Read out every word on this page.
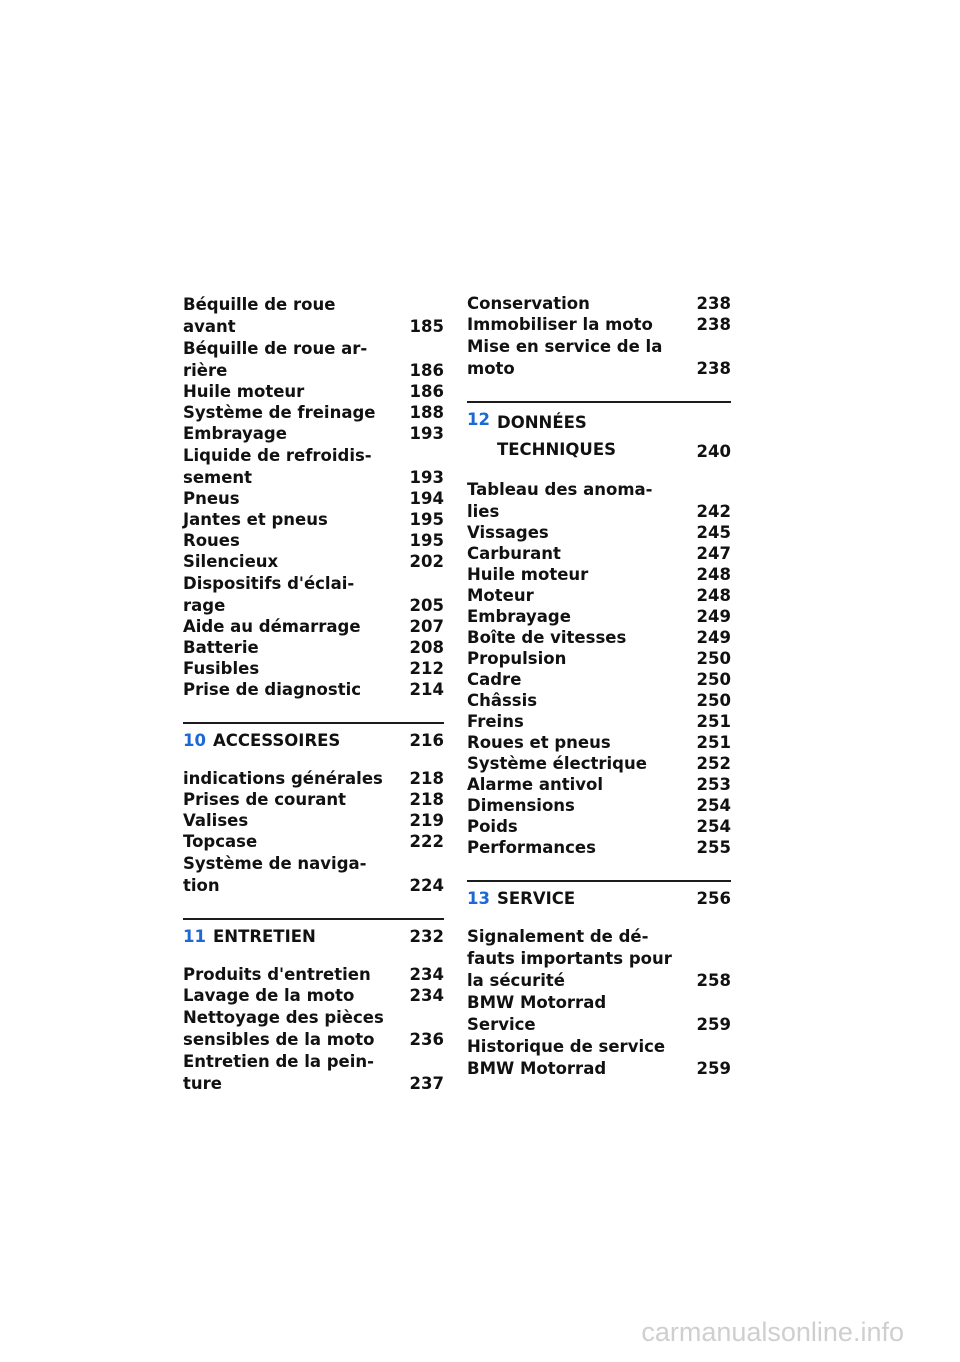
Béquille de roue
avant	185
Béquille de roue ar-
rière	186
Huile moteur	186
Système de freinage	188
Embrayage	193
Liquide de refroidis-
sement	193
Pneus	194
Jantes et pneus	195
Roues	195
Silencieux	202
Dispositifs d'éclai-
rage	205
Aide au démarrage	207
Batterie	208
Fusibles	212
Prise de diagnostic	214
10 ACCESSOIRES	216
indications générales	218
Prises de courant	218
Valises	219
Topcase	222
Système de naviga-
tion	224
11 ENTRETIEN	232
Produits d'entretien	234
Lavage de la moto	234
Nettoyage des pièces
sensibles de la moto	236
Entretien de la pein-
ture	237
Conservation	238
Immobiliser la moto	238
Mise en service de la
moto	238
12 DONNÉES
TECHNIQUES	240
Tableau des anoma-
lies	242
Vissages	245
Carburant	247
Huile moteur	248
Moteur	248
Embrayage	249
Boîte de vitesses	249
Propulsion	250
Cadre	250
Châssis	250
Freins	251
Roues et pneus	251
Système électrique	252
Alarme antivol	253
Dimensions	254
Poids	254
Performances	255
13 SERVICE	256
Signalement de dé-
fauts importants pour
la sécurité	258
BMW Motorrad
Service	259
Historique de service
BMW Motorrad	259
carmanualsonline.info
